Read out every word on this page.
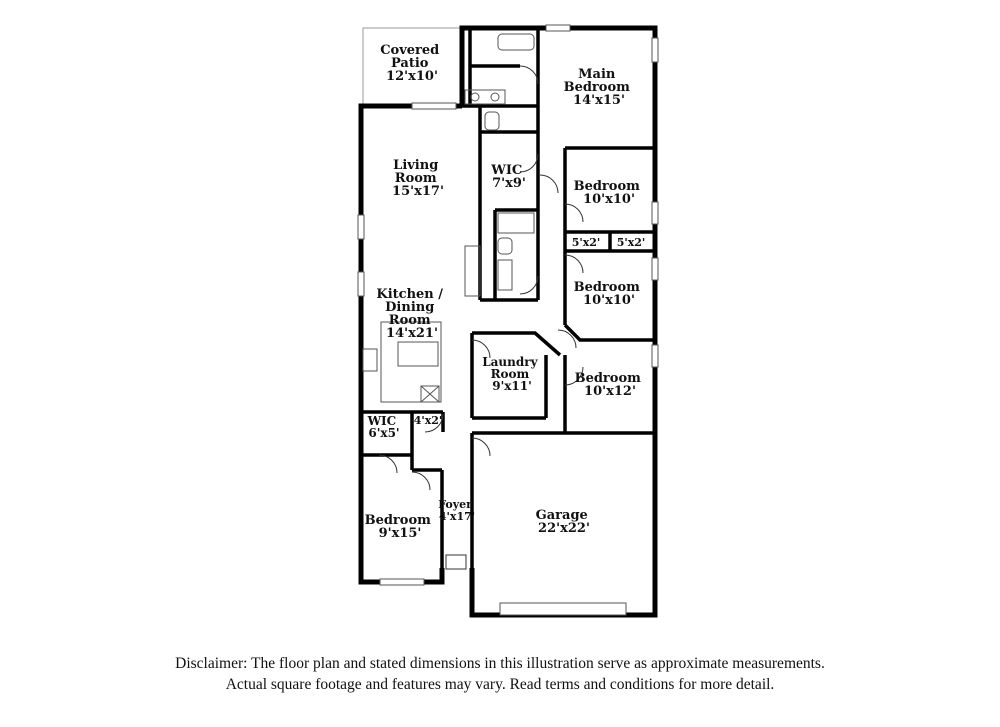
Covered Patio 12'x10'	Main Bedroom 14'x15'
Living Room 15'x17'
WIC 7'x9'	Bedroom 10'x10'
5'x2' 5'x2'
Bedroom 10'x10'
Kitchen / Dining Room 14'x21'
Laundry Room 9'x11'	Bedroom 10'x12'
WIC 6'x5'
4'x2'
Foyer 4'x17'	Garage 22'x22'
Bedroom 9'x15'
Disclaimer: The floor plan and stated dimensions in this illustration serve as approximate measurements.
Actual square footage and features may vary. Read terms and conditions for more detail.
